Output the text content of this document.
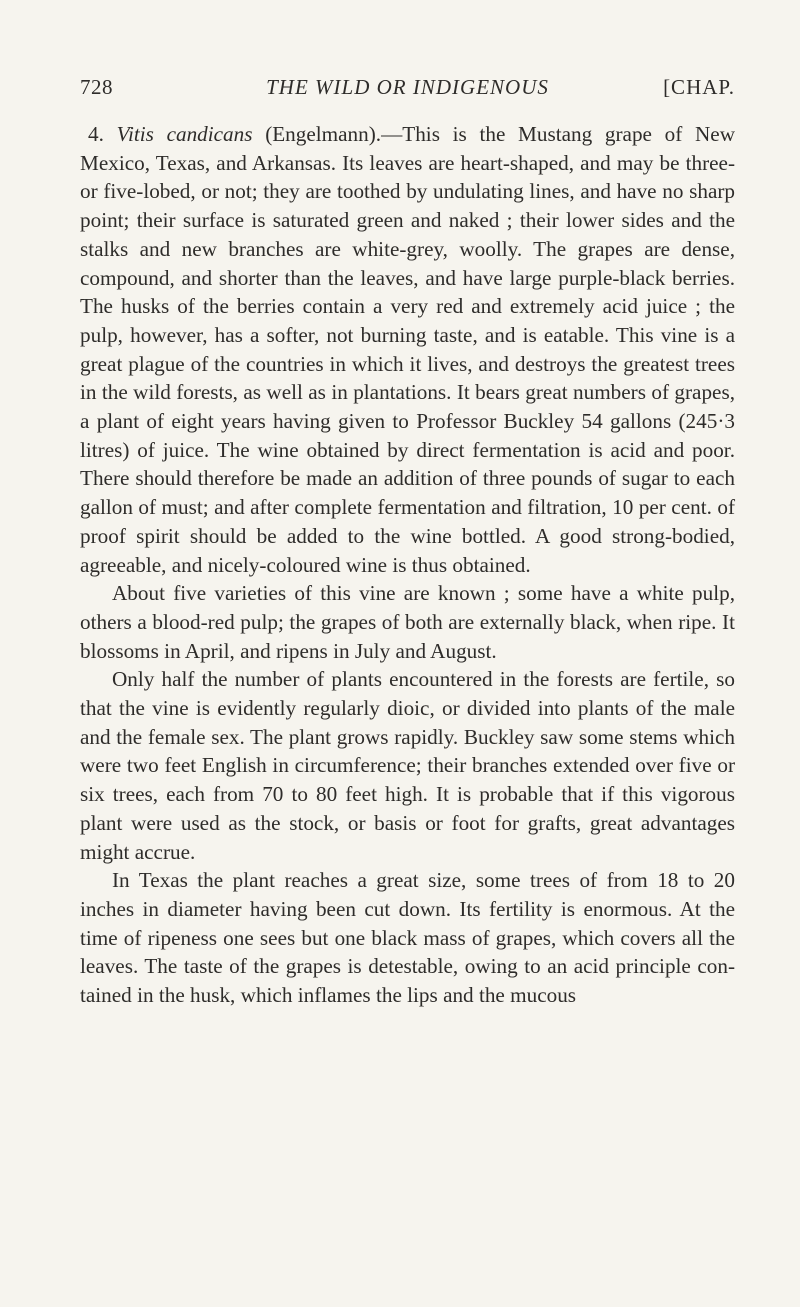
728	THE WILD OR INDIGENOUS	[CHAP.

4. Vitis candicans (Engelmann).—This is the Mustang grape of New Mexico, Texas, and Arkansas. Its leaves are heart-shaped, and may be three- or five-lobed, or not; they are toothed by undulating lines, and have no sharp point; their surface is saturated green and naked ; their lower sides and the stalks and new branches are white-grey, woolly. The grapes are dense, compound, and shorter than the leaves, and have large purple-black berries. The husks of the berries contain a very red and extremely acid juice ; the pulp, however, has a softer, not burning taste, and is eatable. This vine is a great plague of the countries in which it lives, and destroys the greatest trees in the wild forests, as well as in plantations. It bears great numbers of grapes, a plant of eight years having given to Professor Buckley 54 gallons (245·3 litres) of juice. The wine obtained by direct fermentation is acid and poor. There should therefore be made an addition of three pounds of sugar to each gallon of must; and after complete fermentation and filtration, 10 per cent. of proof spirit should be added to the wine bottled. A good strong-bodied, agreeable, and nicely-coloured wine is thus obtained.

About five varieties of this vine are known ; some have a white pulp, others a blood-red pulp; the grapes of both are externally black, when ripe. It blossoms in April, and ripens in July and August.

Only half the number of plants encountered in the forests are fertile, so that the vine is evidently regularly dioic, or divided into plants of the male and the female sex. The plant grows rapidly. Buckley saw some stems which were two feet English in circumference; their branches extended over five or six trees, each from 70 to 80 feet high. It is probable that if this vigorous plant were used as the stock, or basis or foot for grafts, great advantages might accrue.

In Texas the plant reaches a great size, some trees of from 18 to 20 inches in diameter having been cut down. Its fertility is enormous. At the time of ripeness one sees but one black mass of grapes, which covers all the leaves. The taste of the grapes is detestable, owing to an acid principle contained in the husk, which inflames the lips and the mucous
